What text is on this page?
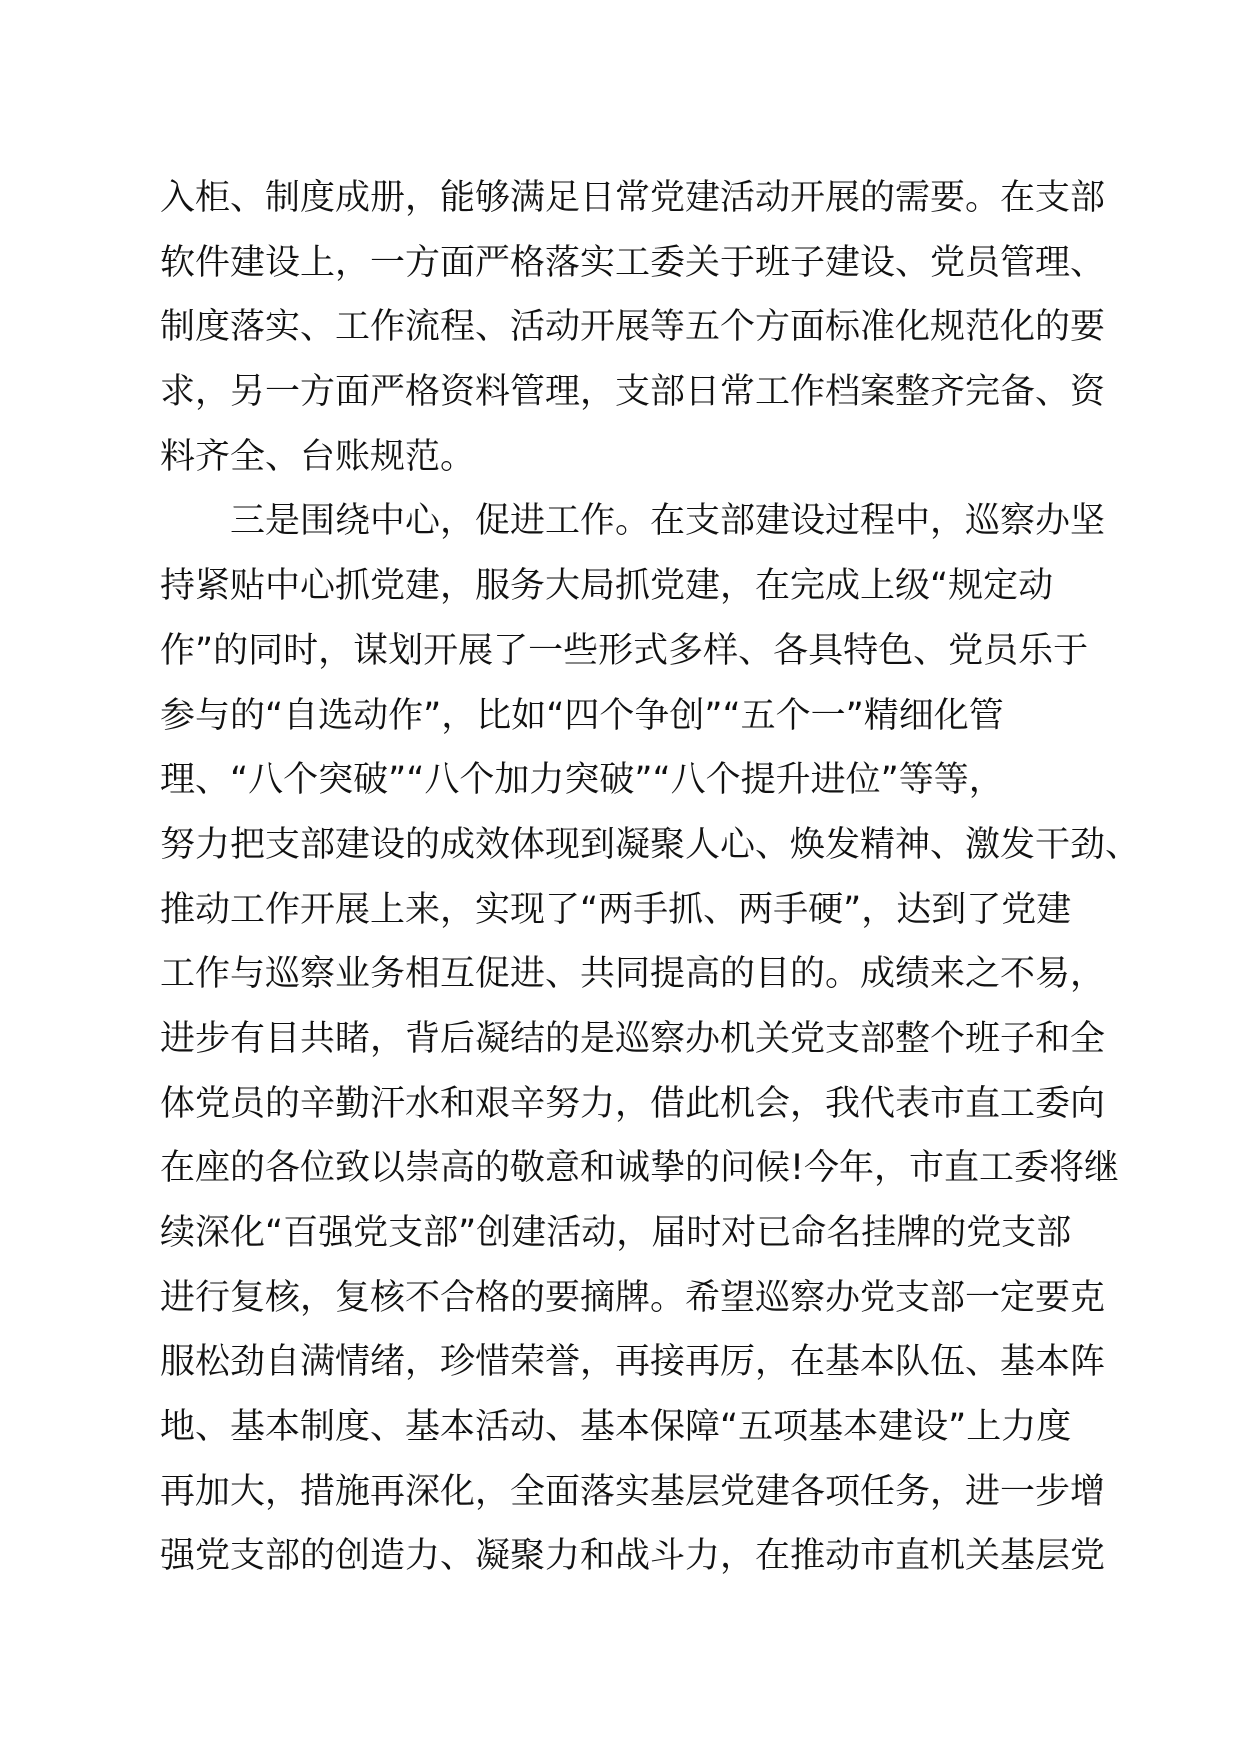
入柜、制度成册，能够满足日常党建活动开展的需要。在支部
软件建设上，一方面严格落实工委关于班子建设、党员管理、
制度落实、工作流程、活动开展等五个方面标准化规范化的要
求，另一方面严格资料管理，支部日常工作档案整齐完备、资
料齐全、台账规范。
　　三是围绕中心，促进工作。在支部建设过程中，巡察办坚
持紧贴中心抓党建，服务大局抓党建，在完成上级“规定动
作”的同时，谋划开展了一些形式多样、各具特色、党员乐于
参与的“自选动作”，比如“四个争创”“五个一”精细化管
理、“八个突破”“八个加力突破”“八个提升进位”等等，
努力把支部建设的成效体现到凝聚人心、焕发精神、激发干劲、
推动工作开展上来，实现了“两手抓、两手硬”，达到了党建
工作与巡察业务相互促进、共同提高的目的。成绩来之不易，
进步有目共睹，背后凝结的是巡察办机关党支部整个班子和全
体党员的辛勤汗水和艰辛努力，借此机会，我代表市直工委向
在座的各位致以崇高的敬意和诚挚的问候!今年，市直工委将继
续深化“百强党支部”创建活动，届时对已命名挂牌的党支部
进行复核，复核不合格的要摘牌。希望巡察办党支部一定要克
服松劲自满情绪，珍惜荣誉，再接再厉，在基本队伍、基本阵
地、基本制度、基本活动、基本保障“五项基本建设”上力度
再加大，措施再深化，全面落实基层党建各项任务，进一步增
强党支部的创造力、凝聚力和战斗力，在推动市直机关基层党
